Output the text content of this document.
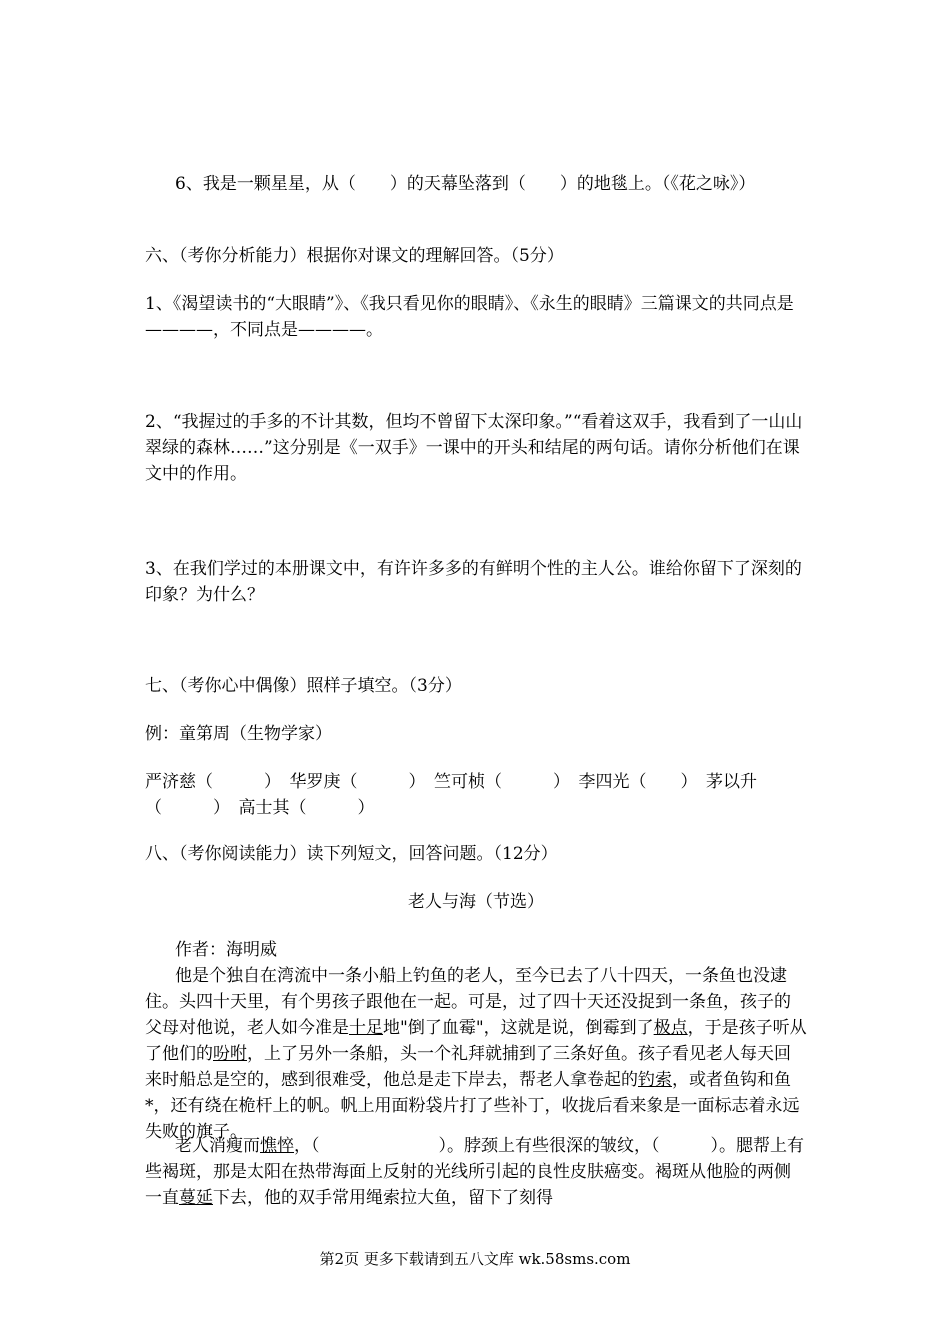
6、我是一颗星星，从（　　）的天幕坠落到（　　）的地毯上。（《花之咏》）

六、（考你分析能力）根据你对课文的理解回答。（5分）

1、《渴望读书的“大眼睛”》、《我只看见你的眼睛》、《永生的眼睛》三篇课文的共同点是————，不同点是————。

2、“我握过的手多的不计其数，但均不曾留下太深印象。”“看着这双手，我看到了一山山翠绿的森林……”这分别是《一双手》一课中的开头和结尾的两句话。请你分析他们在课文中的作用。

3、在我们学过的本册课文中，有许许多多的有鲜明个性的主人公。谁给你留下了深刻的印象？为什么？

七、（考你心中偶像）照样子填空。（3分）

例：童第周（生物学家）

严济慈（　　　）　华罗庚（　　　）　竺可桢（　　　）　李四光（　　）　茅以升（　　　）　高士其（　　　）

八、（考你阅读能力）读下列短文，回答问题。（12分）

老人与海（节选）

作者：海明威

他是个独自在湾流中一条小船上钓鱼的老人，至今已去了八十四天，一条鱼也没逮住。头四十天里，有个男孩子跟他在一起。可是，过了四十天还没捉到一条鱼，孩子的父母对他说，老人如今准是十足地"倒了血霉"，这就是说，倒霉到了极点，于是孩子听从了他们的吩咐，上了另外一条船，头一个礼拜就捕到了三条好鱼。孩子看见老人每天回来时船总是空的，感到很难受，他总是走下岸去，帮老人拿卷起的钓索，或者鱼钩和鱼*，还有绕在桅杆上的帆。帆上用面粉袋片打了些补丁，收拢后看来象是一面标志着永远失败的旗子。

老人消瘦而憔悴，（　　　　　　　）。脖颈上有些很深的皱纹，（　　　）。腮帮上有些褐斑，那是太阳在热带海面上反射的光线所引起的良性皮肤癌变。褐斑从他脸的两侧一直蔓延下去，他的双手常用绳索拉大鱼，留下了刻得

第2页 更多下载请到五八文库 wk.58sms.com
